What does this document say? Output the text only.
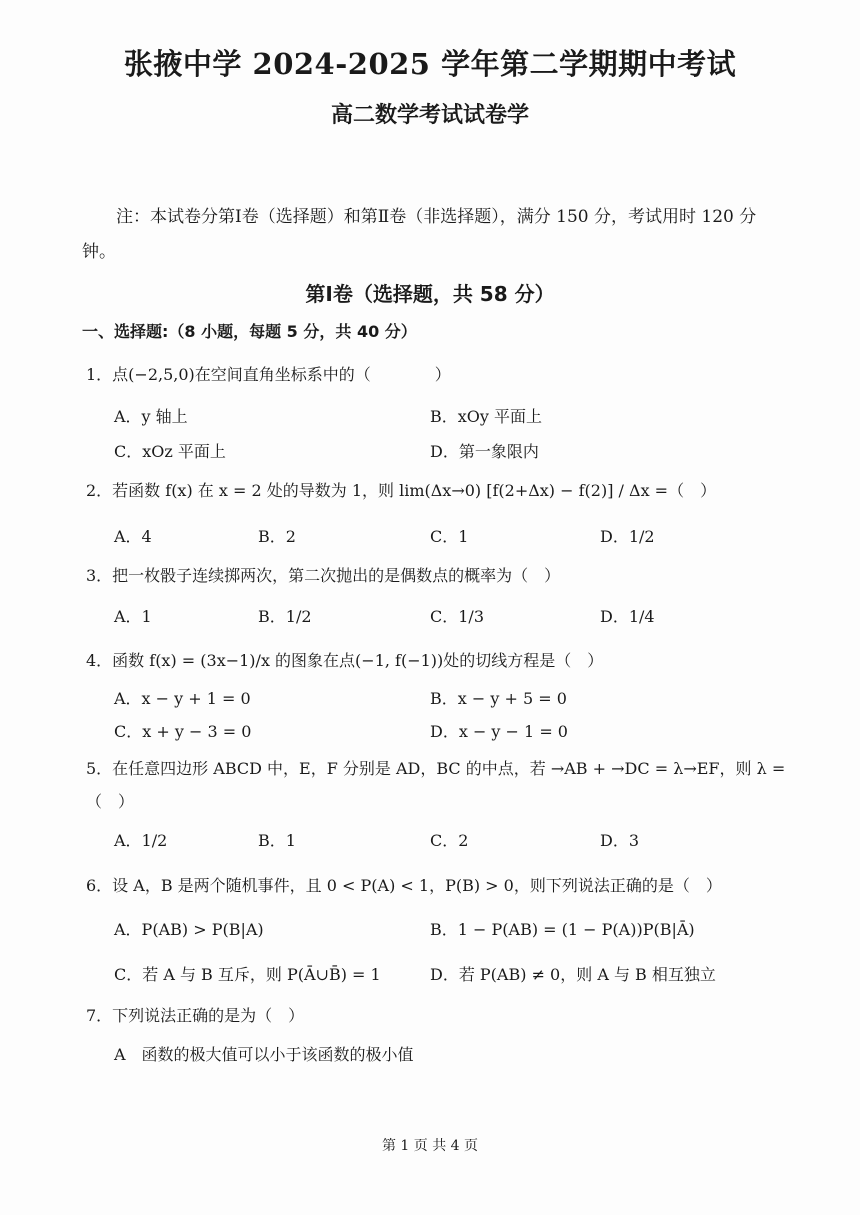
张掖中学 2024-2025 学年第二学期期中考试
高二数学考试试卷学
注：本试卷分第Ⅰ卷（选择题）和第Ⅱ卷（非选择题），满分 150 分，考试用时 120 分钟。
第Ⅰ卷（选择题，共 58 分）
一、选择题:（8 小题，每题 5 分，共 40 分）
1．点(−2,5,0)在空间直角坐标系中的（　　　　）
A．y 轴上	B．xOy 平面上
C．xOz 平面上	D．第一象限内
2．若函数 f(x) 在 x = 2 处的导数为 1，则 lim(Δx→0) [f(2+Δx) − f(2)] / Δx =（　）
A．4	B．2	C．1	D．1/2
3．把一枚骰子连续掷两次，第二次抛出的是偶数点的概率为（　）
A．1	B．1/2	C．1/3	D．1/4
4．函数 f(x) = (3x−1)/x 的图象在点(−1, f(−1))处的切线方程是（　）
A．x − y + 1 = 0	B．x − y + 5 = 0
C．x + y − 3 = 0	D．x − y − 1 = 0
5．在任意四边形 ABCD 中，E，F 分别是 AD，BC 的中点，若 →AB + →DC = λ→EF，则 λ =
（　）
A．1/2	B．1	C．2	D．3
6．设 A，B 是两个随机事件，且 0 < P(A) < 1，P(B) > 0，则下列说法正确的是（　）
A．P(AB) > P(B|A)	B．1 − P(AB) = (1 − P(A))P(B|Ā)
C．若 A 与 B 互斥，则 P(Ā∪B̄) = 1	D．若 P(AB) ≠ 0，则 A 与 B 相互独立
7．下列说法正确的是为（　）
A　函数的极大值可以小于该函数的极小值
第 1 页 共 4 页
